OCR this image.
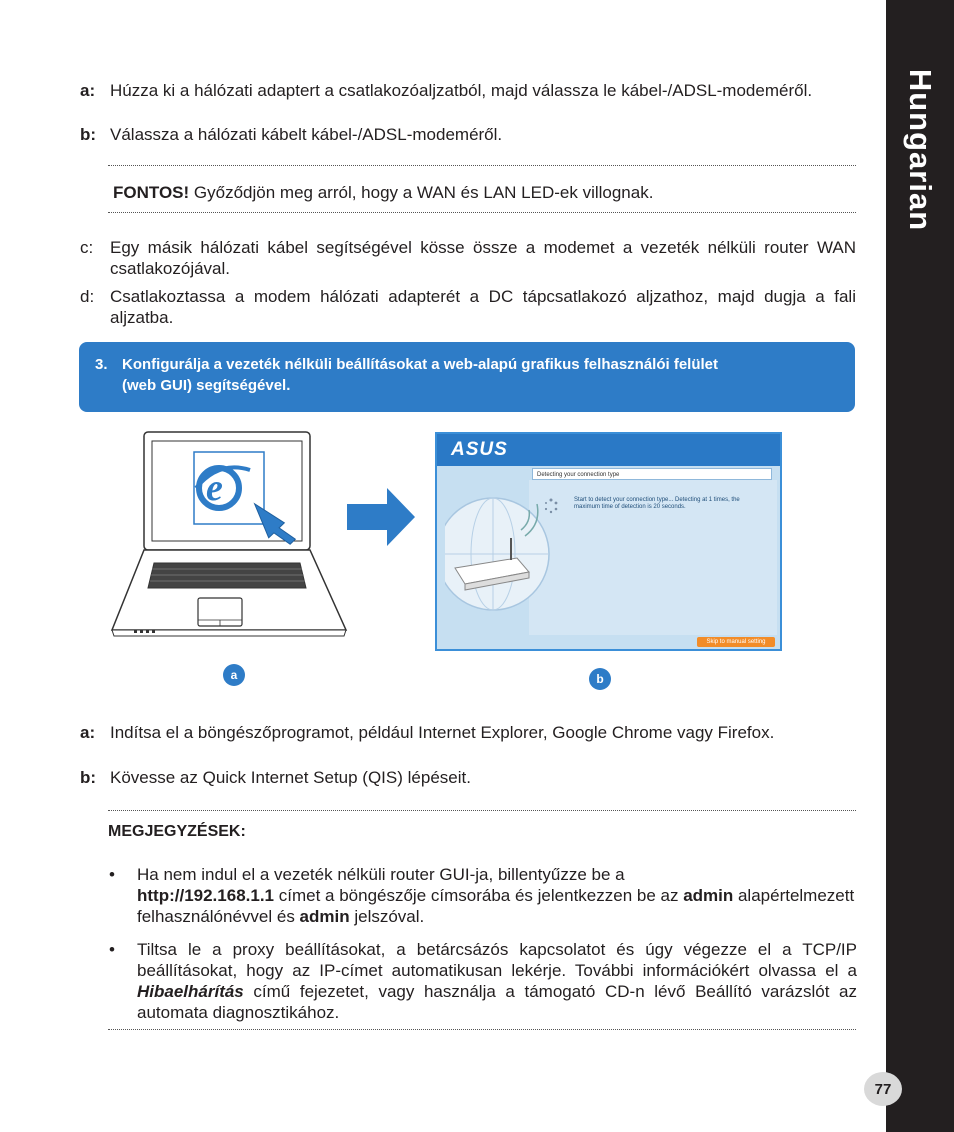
Hungarian
a: Húzza ki a hálózati adaptert a csatlakozóaljzatból, majd válassza le kábel-/ADSL-modeméről.
b: Válassza a hálózati kábelt kábel-/ADSL-modeméről.
FONTOS! Győződjön meg arról, hogy a WAN és LAN LED-ek villognak.
c: Egy másik hálózati kábel segítségével kösse össze a modemet a vezeték nélküli router WAN csatlakozójával.
d: Csatlakoztassa a modem hálózati adapterét a DC tápcsatlakozó aljzathoz, majd dugja a fali aljzatba.
3. Konfigurálja a vezeték nélküli beállításokat a web-alapú grafikus felhasználói felület
(web GUI) segítségével.
e
ASUS
Detecting your connection type
Start to detect your connection type... Detecting at 1 times, the maximum time of detection is 20 seconds.
Skip to manual setting
a	b
a: Indítsa el a böngészőprogramot, például Internet Explorer, Google Chrome vagy Firefox.
b: Kövesse az Quick Internet Setup (QIS) lépéseit.
MEGJEGYZÉSEK:
• Ha nem indul el a vezeték nélküli router GUI-ja, billentyűzze be a
http://192.168.1.1 címet a böngészője címsorába és jelentkezzen be az admin alapértelmezett felhasználónévvel és admin jelszóval.
• Tiltsa le a proxy beállításokat, a betárcsázós kapcsolatot és úgy végezze el a TCP/IP beállításokat, hogy az IP-címet automatikusan lekérje. További információkért olvassa el a Hibaelhárítás című fejezetet, vagy használja a támogató CD-n lévő Beállító varázslót az automata diagnosztikához.
77
